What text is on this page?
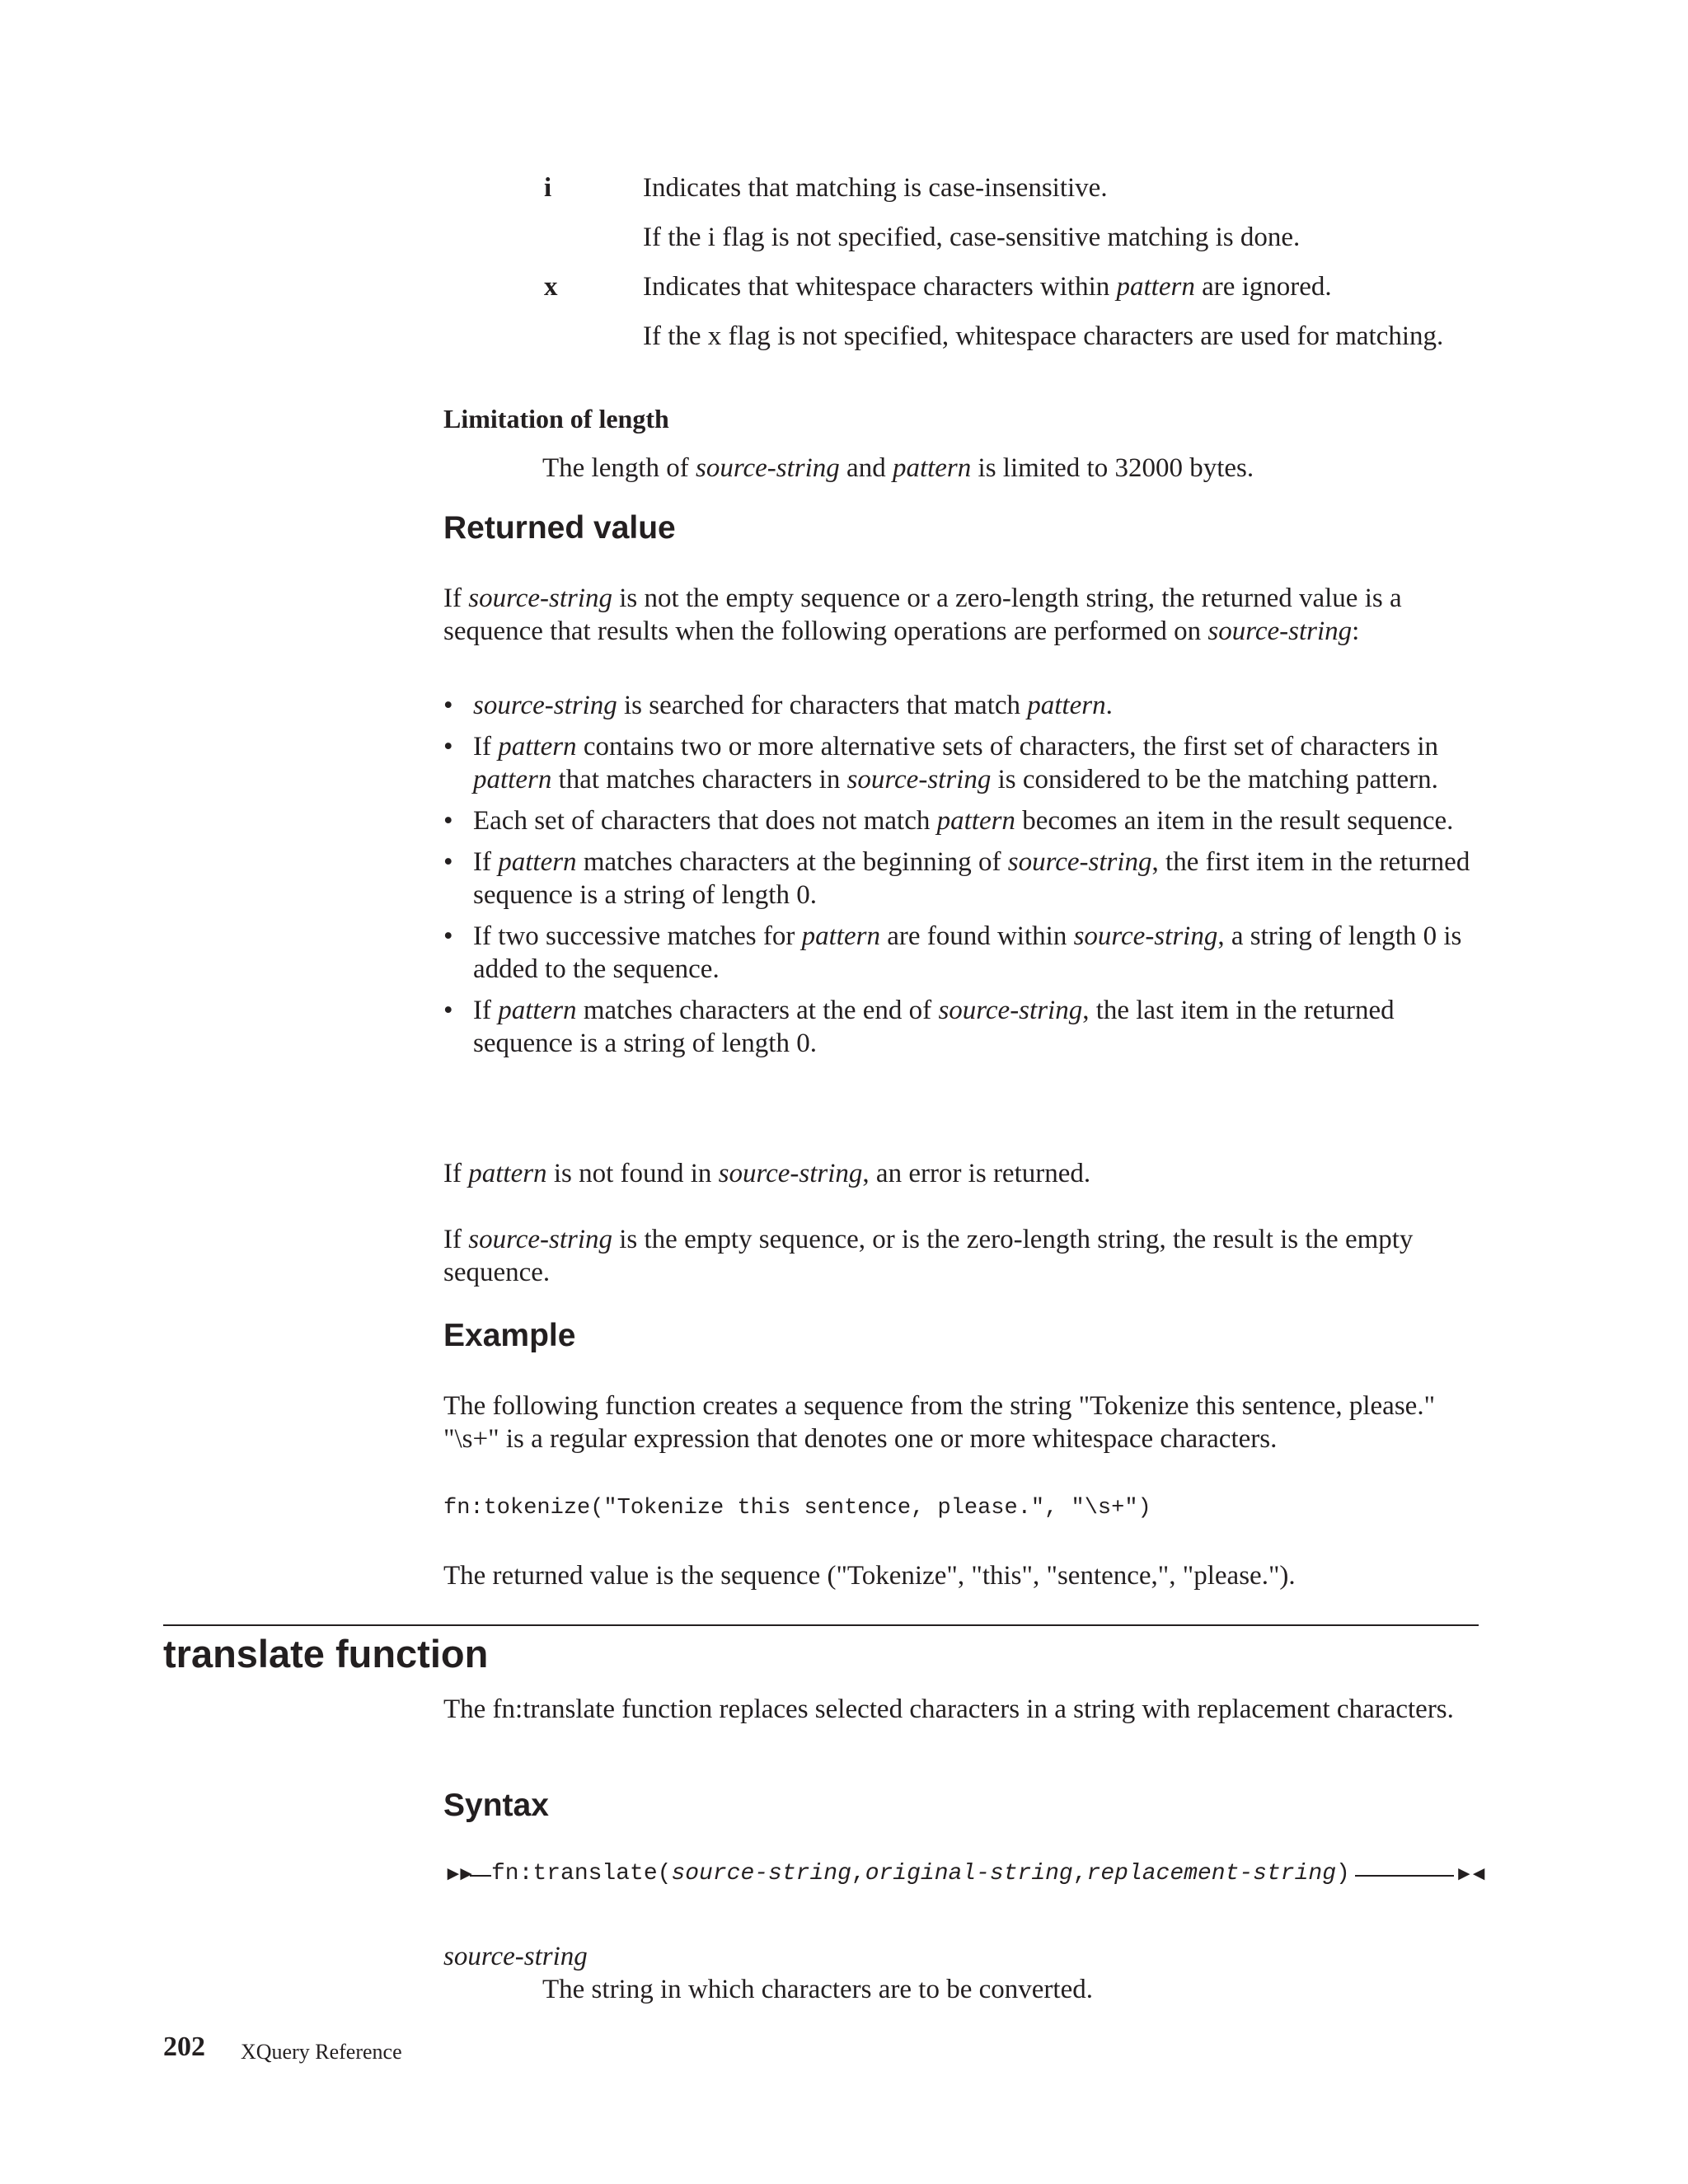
i	Indicates that matching is case-insensitive.
If the i flag is not specified, case-sensitive matching is done.
x	Indicates that whitespace characters within pattern are ignored.
If the x flag is not specified, whitespace characters are used for matching.
Limitation of length
The length of source-string and pattern is limited to 32000 bytes.
Returned value
If source-string is not the empty sequence or a zero-length string, the returned value is a sequence that results when the following operations are performed on source-string:
• source-string is searched for characters that match pattern.
• If pattern contains two or more alternative sets of characters, the first set of characters in pattern that matches characters in source-string is considered to be the matching pattern.
• Each set of characters that does not match pattern becomes an item in the result sequence.
• If pattern matches characters at the beginning of source-string, the first item in the returned sequence is a string of length 0.
• If two successive matches for pattern are found within source-string, a string of length 0 is added to the sequence.
• If pattern matches characters at the end of source-string, the last item in the returned sequence is a string of length 0.
If pattern is not found in source-string, an error is returned.
If source-string is the empty sequence, or is the zero-length string, the result is the empty sequence.
Example
The following function creates a sequence from the string "Tokenize this sentence, please." "\s+" is a regular expression that denotes one or more whitespace characters.
fn:tokenize("Tokenize this sentence, please.", "\s+")
The returned value is the sequence ("Tokenize", "this", "sentence,", "please.").
translate function
The fn:translate function replaces selected characters in a string with replacement characters.
Syntax
►► fn:translate(source-string,original-string,replacement-string)	►◄
source-string
The string in which characters are to be converted.
202 XQuery Reference
